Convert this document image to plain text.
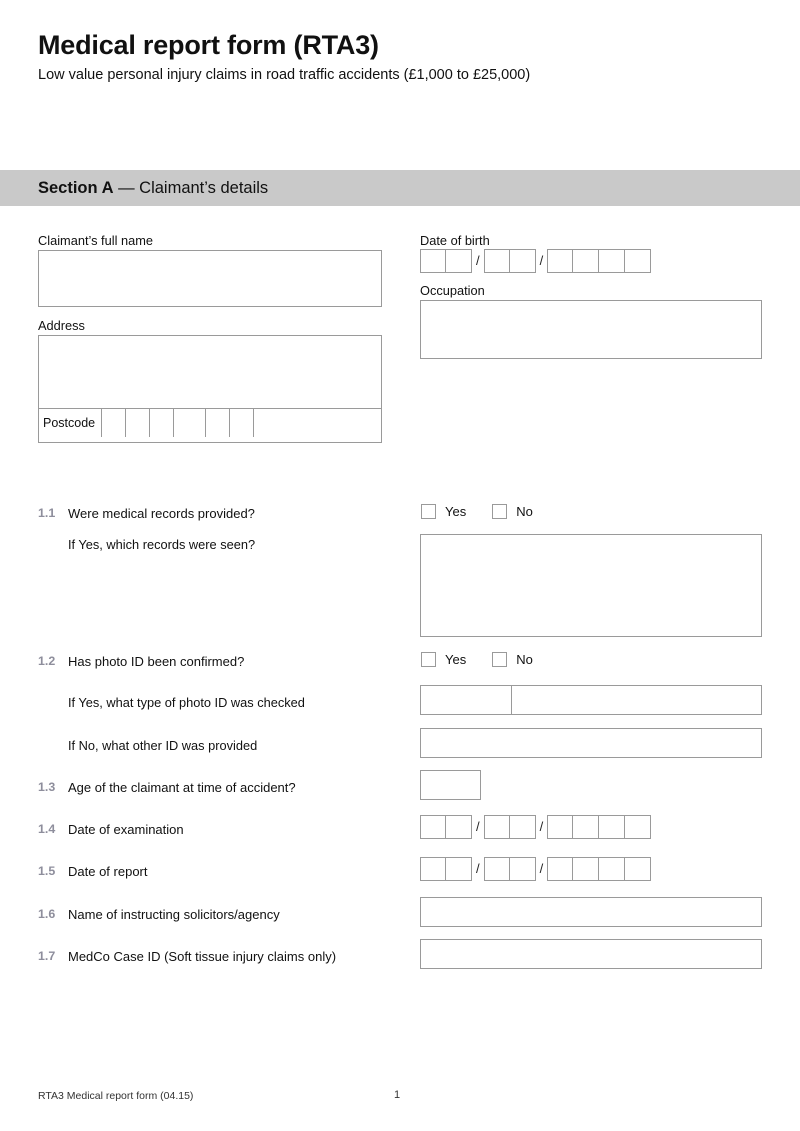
Medical report form (RTA3)

Low value personal injury claims in road traffic accidents (£1,000 to £25,000)

Section A — Claimant’s details
Claimant’s full name
Address
Postcode
Date of birth
/	/
Occupation
1.1 Were medical records provided?	Yes	No
If Yes, which records were seen?
1.2 Has photo ID been confirmed?	Yes	No
If Yes, what type of photo ID was checked
If No, what other ID was provided
1.3 Age of the claimant at time of accident?
1.4 Date of examination	/	/
1.5 Date of report	/	/
1.6 Name of instructing solicitors/agency
1.7 MedCo Case ID (Soft tissue injury claims only)
RTA3 Medical report form (04.15)	1
